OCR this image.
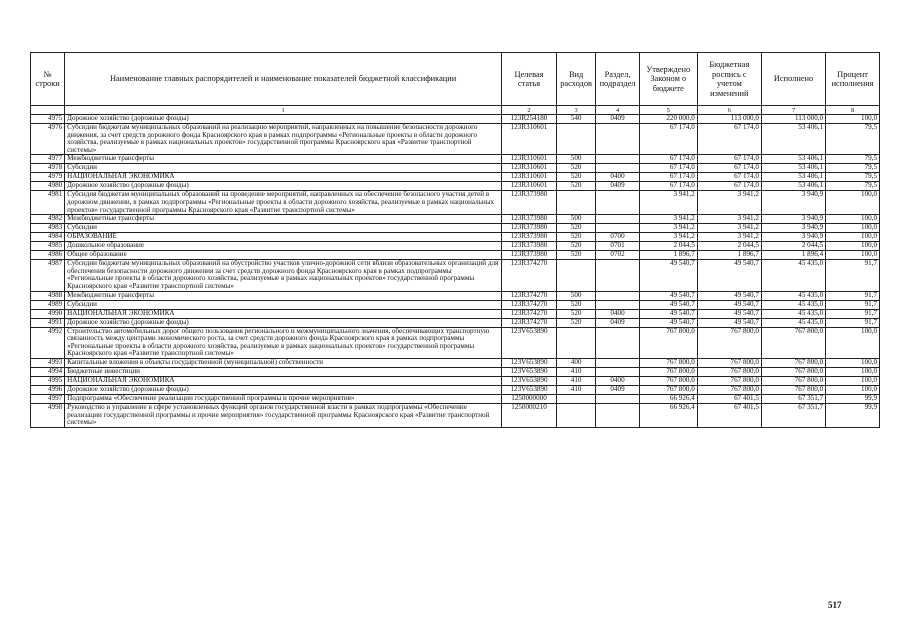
№ строки	Наименование главных распорядителей и наименование показателей бюджетной классификации	Целевая статья	Вид расходов	Раздел, подраздел	Утверждено Законом о бюджете	Бюджетная роспись с учетом изменений	Исполнено	Процент исполнения
	1	2	3	4	5	6	7	8
4975	Дорожное хозяйство (дорожные фонды)	123R254180	540	0409	220 000,0	113 000,0	113 000,0	100,0
4976	Субсидии бюджетам муниципальных образований на реализацию мероприятий, направленных на повышение безопасности дорожного движения, за счет средств дорожного фонда Красноярского края в рамках подпрограммы «Региональные проекты в области дорожного хозяйства, реализуемые в рамках национальных проектов» государственной программы Красноярского края «Развитие транспортной системы»	123R310601			67 174,0	67 174,0	53 406,1	79,5
4977	Межбюджетные трансферты	123R310601	500		67 174,0	67 174,0	53 406,1	79,5
4978	Субсидии	123R310601	520		67 174,0	67 174,0	53 406,1	79,5
4979	НАЦИОНАЛЬНАЯ ЭКОНОМИКА	123R310601	520	0400	67 174,0	67 174,0	53 406,1	79,5
4980	Дорожное хозяйство (дорожные фонды)	123R310601	520	0409	67 174,0	67 174,0	53 406,1	79,5
4981	Субсидия бюджетам муниципальных образований на проведение мероприятий, направленных на обеспечение безопасного участия детей в дорожном движении, в рамках подпрограммы «Региональные проекты в области дорожного хозяйства, реализуемые в рамках национальных проектов» государственной программы Красноярского края «Развитие транспортной системы»	123R373980			3 941,2	3 941,2	3 940,9	100,0
4982	Межбюджетные трансферты	123R373980	500		3 941,2	3 941,2	3 940,9	100,0
4983	Субсидии	123R373980	520		3 941,2	3 941,2	3 940,9	100,0
4984	ОБРАЗОВАНИЕ	123R373980	520	0700	3 941,2	3 941,2	3 940,9	100,0
4985	Дошкольное образование	123R373980	520	0701	2 044,5	2 044,5	2 044,5	100,0
4986	Общее образование	123R373980	520	0702	1 896,7	1 896,7	1 896,4	100,0
4987	Субсидии бюджетам муниципальных образований на обустройство участков улично-дорожной сети вблизи образовательных организаций для обеспечения безопасности дорожного движения за счет средств дорожного фонда Красноярского края в рамках подпрограммы «Региональные проекты в области дорожного хозяйства, реализуемые в рамках национальных проектов» государственной программы Красноярского края «Развитие транспортной системы»	123R374270			49 540,7	49 540,7	45 435,0	91,7
4988	Межбюджетные трансферты	123R374270	500		49 540,7	49 540,7	45 435,0	91,7
4989	Субсидии	123R374270	520		49 540,7	49 540,7	45 435,0	91,7
4990	НАЦИОНАЛЬНАЯ ЭКОНОМИКА	123R374270	520	0400	49 540,7	49 540,7	45 435,0	91,7
4991	Дорожное хозяйство (дорожные фонды)	123R374270	520	0409	49 540,7	49 540,7	45 435,0	91,7
4992	Строительство автомобильных дорог общего пользования регионального и межмуниципального значения, обеспечивающих транспортную связанность между центрами экономического роста, за счет средств дорожного фонда Красноярского края в рамках подпрограммы «Региональные проекты в области дорожного хозяйства, реализуемые в рамках национальных проектов» государственной программы Красноярского края «Развитие транспортной системы»	123V653890			767 800,0	767 800,0	767 800,0	100,0
4993	Капитальные вложения в объекты государственной (муниципальной) собственности	123V653890	400		767 800,0	767 800,0	767 800,0	100,0
4994	Бюджетные инвестиции	123V653890	410		767 800,0	767 800,0	767 800,0	100,0
4995	НАЦИОНАЛЬНАЯ ЭКОНОМИКА	123V653890	410	0400	767 800,0	767 800,0	767 800,0	100,0
4996	Дорожное хозяйство (дорожные фонды)	123V653890	410	0409	767 800,0	767 800,0	767 800,0	100,0
4997	Подпрограмма «Обеспечение реализации государственной программы и прочие мероприятия»	1250000000			66 926,4	67 401,5	67 351,7	99,9
4998	Руководство и управление в сфере установленных функций органов государственной власти в рамках подпрограммы «Обеспечение реализации государственной программы и прочие мероприятия» государственной программы Красноярского края «Развитие транспортной системы»	1250000210			66 926,4	67 401,5	67 351,7	99,9
517
